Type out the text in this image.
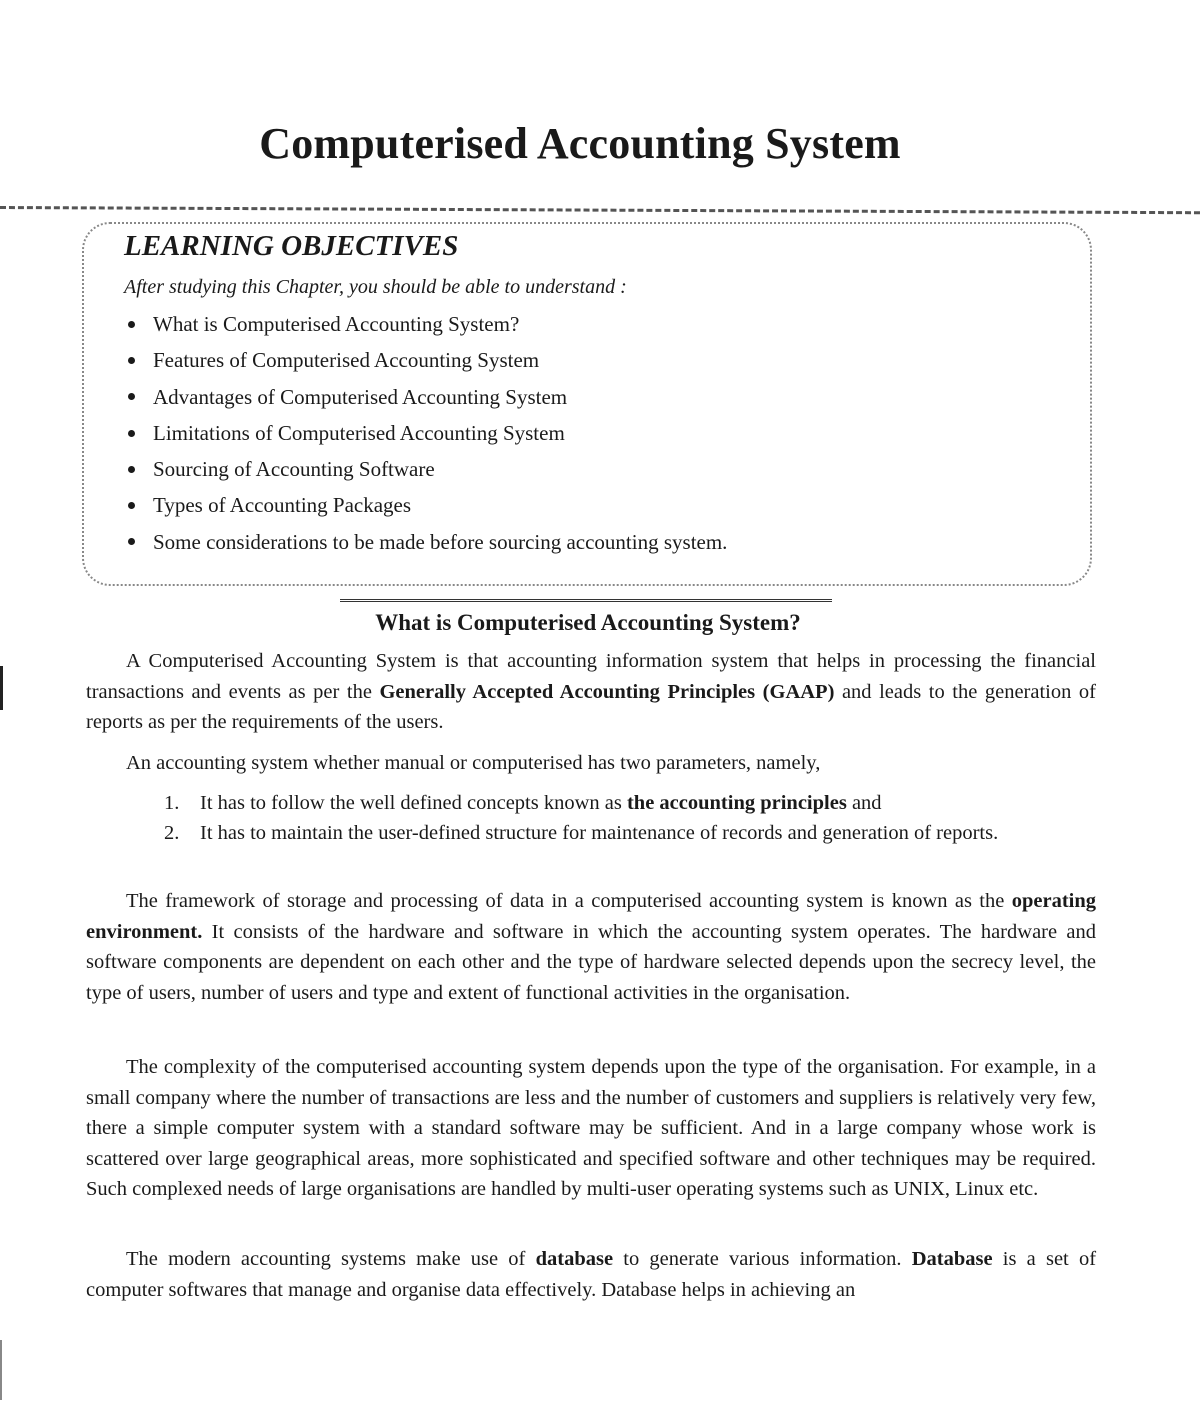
Computerised Accounting System
LEARNING OBJECTIVES
After studying this Chapter, you should be able to understand :
What is Computerised Accounting System?
Features of Computerised Accounting System
Advantages of Computerised Accounting System
Limitations of Computerised Accounting System
Sourcing of Accounting Software
Types of Accounting Packages
Some considerations to be made before sourcing accounting system.
What is Computerised Accounting System?

A Computerised Accounting System is that accounting information system that helps in processing the financial transactions and events as per the Generally Accepted Accounting Principles (GAAP) and leads to the generation of reports as per the requirements of the users.

An accounting system whether manual or computerised has two parameters, namely,

1. It has to follow the well defined concepts known as the accounting principles and
2. It has to maintain the user-defined structure for maintenance of records and generation of reports.

The framework of storage and processing of data in a computerised accounting system is known as the operating environment. It consists of the hardware and software in which the accounting system operates. The hardware and software components are dependent on each other and the type of hardware selected depends upon the secrecy level, the type of users, number of users and type and extent of functional activities in the organisation.

The complexity of the computerised accounting system depends upon the type of the organisation. For example, in a small company where the number of transactions are less and the number of customers and suppliers is relatively very few, there a simple computer system with a standard software may be sufficient. And in a large company whose work is scattered over large geographical areas, more sophisticated and specified software and other techniques may be required. Such complexed needs of large organisations are handled by multi-user operating systems such as UNIX, Linux etc.

The modern accounting systems make use of database to generate various information. Database is a set of computer softwares that manage and organise data effectively. Database helps in achieving an
